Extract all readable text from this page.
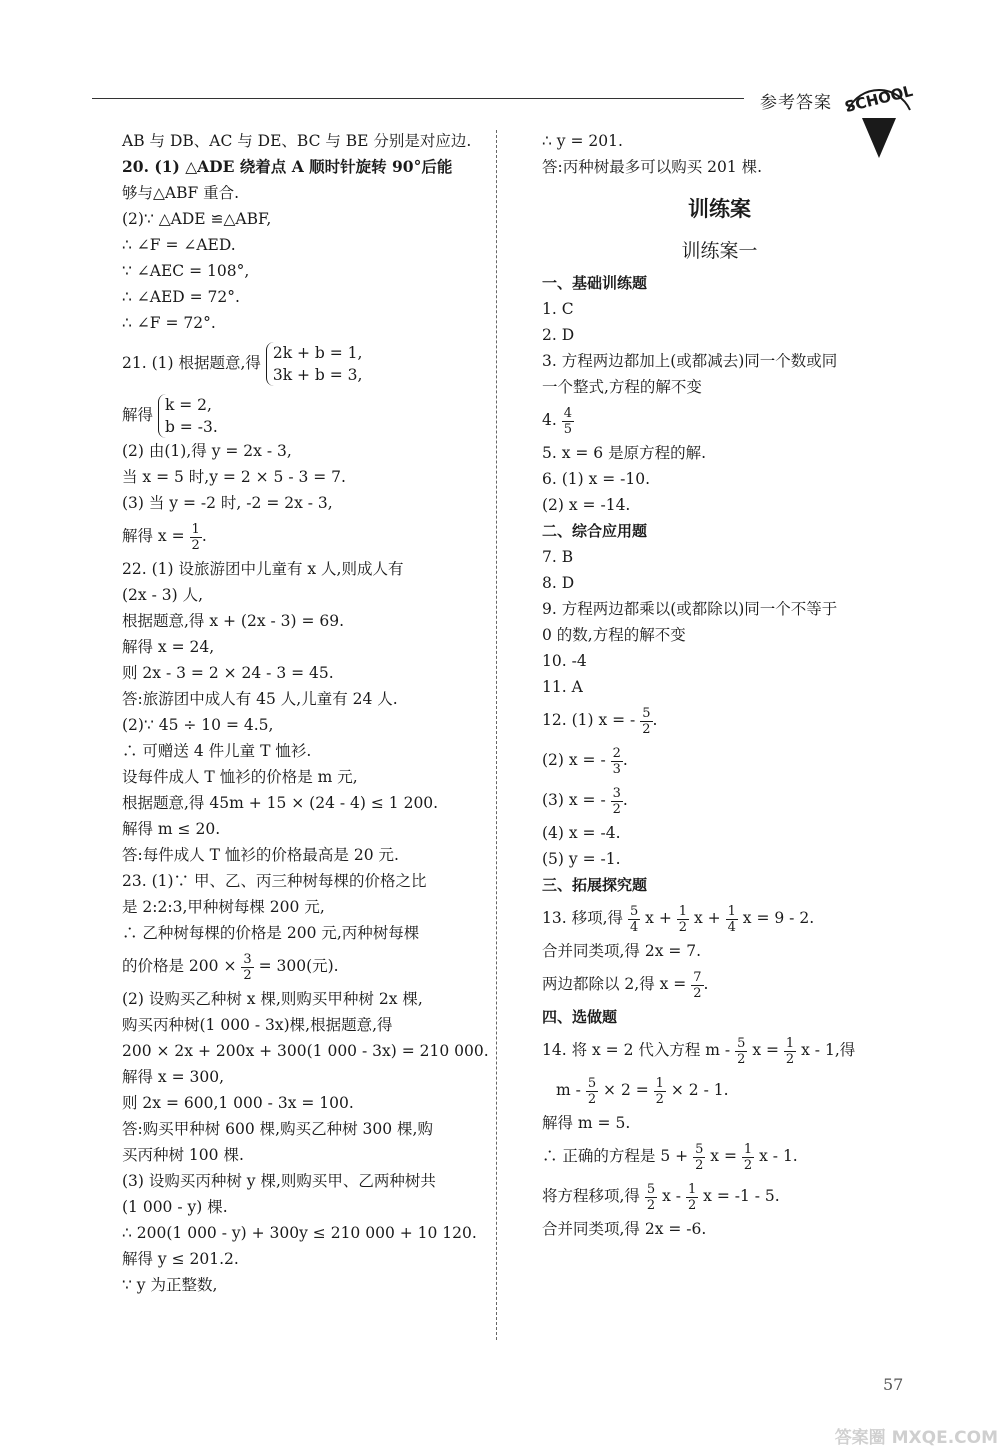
参考答案 SCHOOL
AB 与 DB、AC 与 DE、BC 与 BE 分别是对应边.
20. (1) △ADE 绕着点 A 顺时针旋转 90°后能
够与△ABF 重合.
(2)∵ △ADE ≌△ABF,
∴ ∠F = ∠AED.
∵ ∠AEC = 108°,
∴ ∠AED = 72°.
∴ ∠F = 72°.
21. (1) 根据题意,得
2k + b = 1,
3k + b = 3,
解得
k = 2,
b = -3.
(2) 由(1),得 y = 2x - 3,
当 x = 5 时,y = 2 × 5 - 3 = 7.
(3) 当 y = -2 时, -2 = 2x - 3,
解得 $x = \frac{1}{2}$ .
22. (1) 设旅游团中儿童有 x 人,则成人有
(2x - 3) 人,
根据题意,得 x + (2x - 3) = 69.
解得 x = 24,
则 2x - 3 = 2 × 24 - 3 = 45.
答:旅游团中成人有 45 人,儿童有 24 人.
(2)∵ 45 ÷ 10 = 4.5,
∴ 可赠送 4 件儿童 T 恤衫.
设每件成人 T 恤衫的价格是 m 元,
根据题意,得 45m + 15 × (24 - 4) ≤ 1 200.
解得 m ≤ 20.
答:每件成人 T 恤衫的价格最高是 20 元.
23. (1)∵ 甲、乙、丙三种树每棵的价格之比
是 2:2:3,甲种树每棵 200 元,
∴ 乙种树每棵的价格是 200 元,丙种树每棵
的价格是 $200 \times \frac{3}{2} = 300$(元).
(2) 设购买乙种树 x 棵,则购买甲种树 2x 棵,
购买丙种树(1 000 - 3x)棵,根据题意,得
200 × 2x + 200x + 300(1 000 - 3x) = 210 000.
解得 x = 300,
则 2x = 600,1 000 - 3x = 100.
答:购买甲种树 600 棵,购买乙种树 300 棵,购
买丙种树 100 棵.
(3) 设购买丙种树 y 棵,则购买甲、乙两种树共
(1 000 - y) 棵.
∴ 200(1 000 - y) + 300y ≤ 210 000 + 10 120.
解得 y ≤ 201.2.
∵ y 为正整数,
∴ y = 201.
答:丙种树最多可以购买 201 棵.
训练案
训练案一
一、基础训练题
1. C
2. D
3. 方程两边都加上(或都减去)同一个数或同
一个整式,方程的解不变
4. $\frac{4}{5}$
5. x = 6 是原方程的解.
6. (1) x = -10.
(2) x = -14.
二、综合应用题
7. B
8. D
9. 方程两边都乘以(或都除以)同一个不等于
0 的数,方程的解不变
10. -4
11. A
12. (1) x = - $\frac{5}{2}$ .
(2) x = - $\frac{2}{3}$ .
(3) x = - $\frac{3}{2}$ .
(4) x = -4.
(5) y = -1.
三、拓展探究题
13. 移项,得 $\frac{5}{4}$ $x + \frac{1}{2}$ $x + \frac{1}{4}$ x = 9 - 2.
合并同类项,得 2x = 7.
两边都除以 2,得 $x = \frac{7}{2}$ .
四、选做题
14. 将 x = 2 代入方程 m - $\frac{5}{2}$ $x = \frac{1}{2}$ x - 1,得
$m - \frac{5}{2} \times 2 = \frac{1}{2} \times 2 - 1$.
解得 m = 5.
∴ 正确的方程是 $5 + \frac{5}{2}$ $x = \frac{1}{2}$ x - 1.
将方程移项,得 $\frac{5}{2}$ x - $\frac{1}{2}$ x = -1 - 5.
合并同类项,得 2x = -6.
57
答案圈 MXQE.COM
